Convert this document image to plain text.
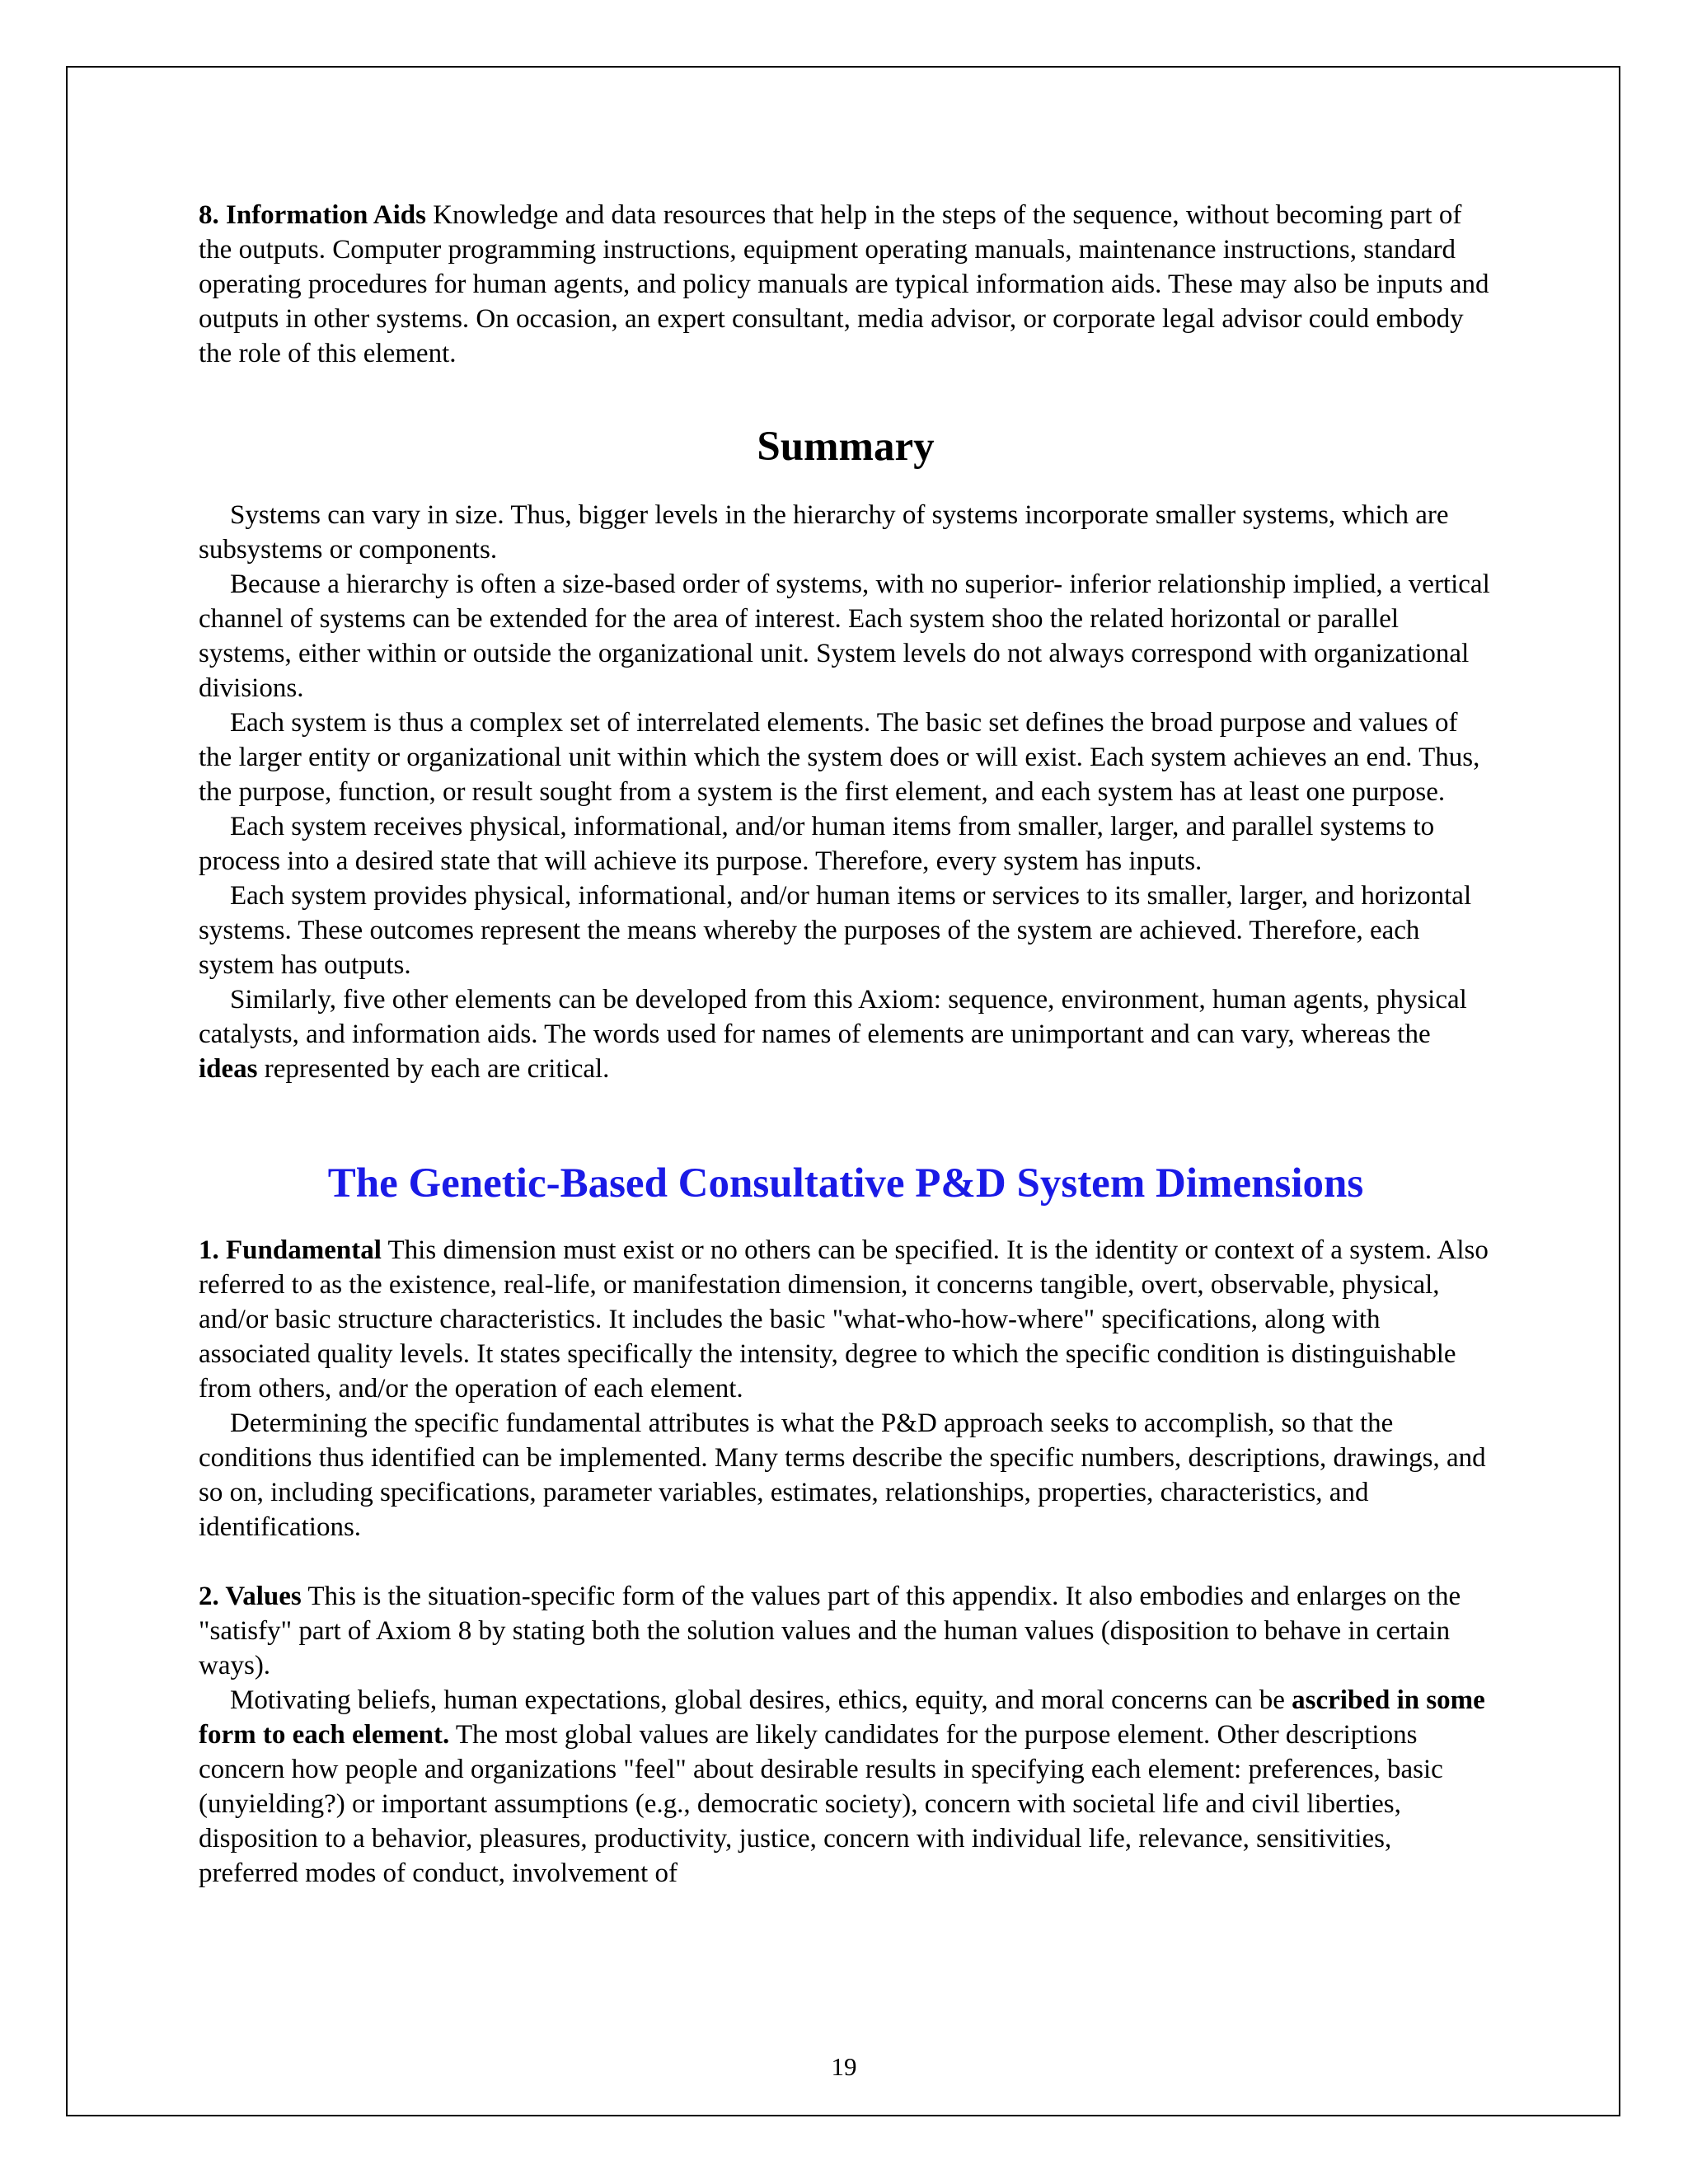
8. Information Aids Knowledge and data resources that help in the steps of the sequence, without becoming part of the outputs. Computer programming instructions, equipment operating manuals, maintenance instructions, standard operating procedures for human agents, and policy manuals are typical information aids. These may also be inputs and outputs in other systems. On occasion, an expert consultant, media advisor, or corporate legal advisor could embody the role of this element.

Summary

Systems can vary in size. Thus, bigger levels in the hierarchy of systems incorporate smaller systems, which are subsystems or components.

Because a hierarchy is often a size-based order of systems, with no superior- inferior relationship implied, a vertical channel of systems can be extended for the area of interest. Each system shoo the related horizontal or parallel systems, either within or outside the organizational unit. System levels do not always correspond with organizational divisions.

Each system is thus a complex set of interrelated elements. The basic set defines the broad purpose and values of the larger entity or organizational unit within which the system does or will exist. Each system achieves an end. Thus, the purpose, function, or result sought from a system is the first element, and each system has at least one purpose.

Each system receives physical, informational, and/or human items from smaller, larger, and parallel systems to process into a desired state that will achieve its purpose. Therefore, every system has inputs.

Each system provides physical, informational, and/or human items or services to its smaller, larger, and horizontal systems. These outcomes represent the means whereby the purposes of the system are achieved. Therefore, each system has outputs.

Similarly, five other elements can be developed from this Axiom: sequence, environment, human agents, physical catalysts, and information aids. The words used for names of elements are unimportant and can vary, whereas the ideas represented by each are critical.

The Genetic-Based Consultative P&D System Dimensions

1. Fundamental This dimension must exist or no others can be specified. It is the identity or context of a system. Also referred to as the existence, real-life, or manifestation dimension, it concerns tangible, overt, observable, physical, and/or basic structure characteristics. It includes the basic "what-who-how-where" specifications, along with associated quality levels. It states specifically the intensity, degree to which the specific condition is distinguishable from others, and/or the operation of each element.

Determining the specific fundamental attributes is what the P&D approach seeks to accomplish, so that the conditions thus identified can be implemented. Many terms describe the specific numbers, descriptions, drawings, and so on, including specifications, parameter variables, estimates, relationships, properties, characteristics, and identifications.

2. Values This is the situation-specific form of the values part of this appendix. It also embodies and enlarges on the "satisfy" part of Axiom 8 by stating both the solution values and the human values (disposition to behave in certain ways).

Motivating beliefs, human expectations, global desires, ethics, equity, and moral concerns can be ascribed in some form to each element. The most global values are likely candidates for the purpose element. Other descriptions concern how people and organizations "feel" about desirable results in specifying each element: preferences, basic (unyielding?) or important assumptions (e.g., democratic society), concern with societal life and civil liberties, disposition to a behavior, pleasures, productivity, justice, concern with individual life, relevance, sensitivities, preferred modes of conduct, involvement of

19
